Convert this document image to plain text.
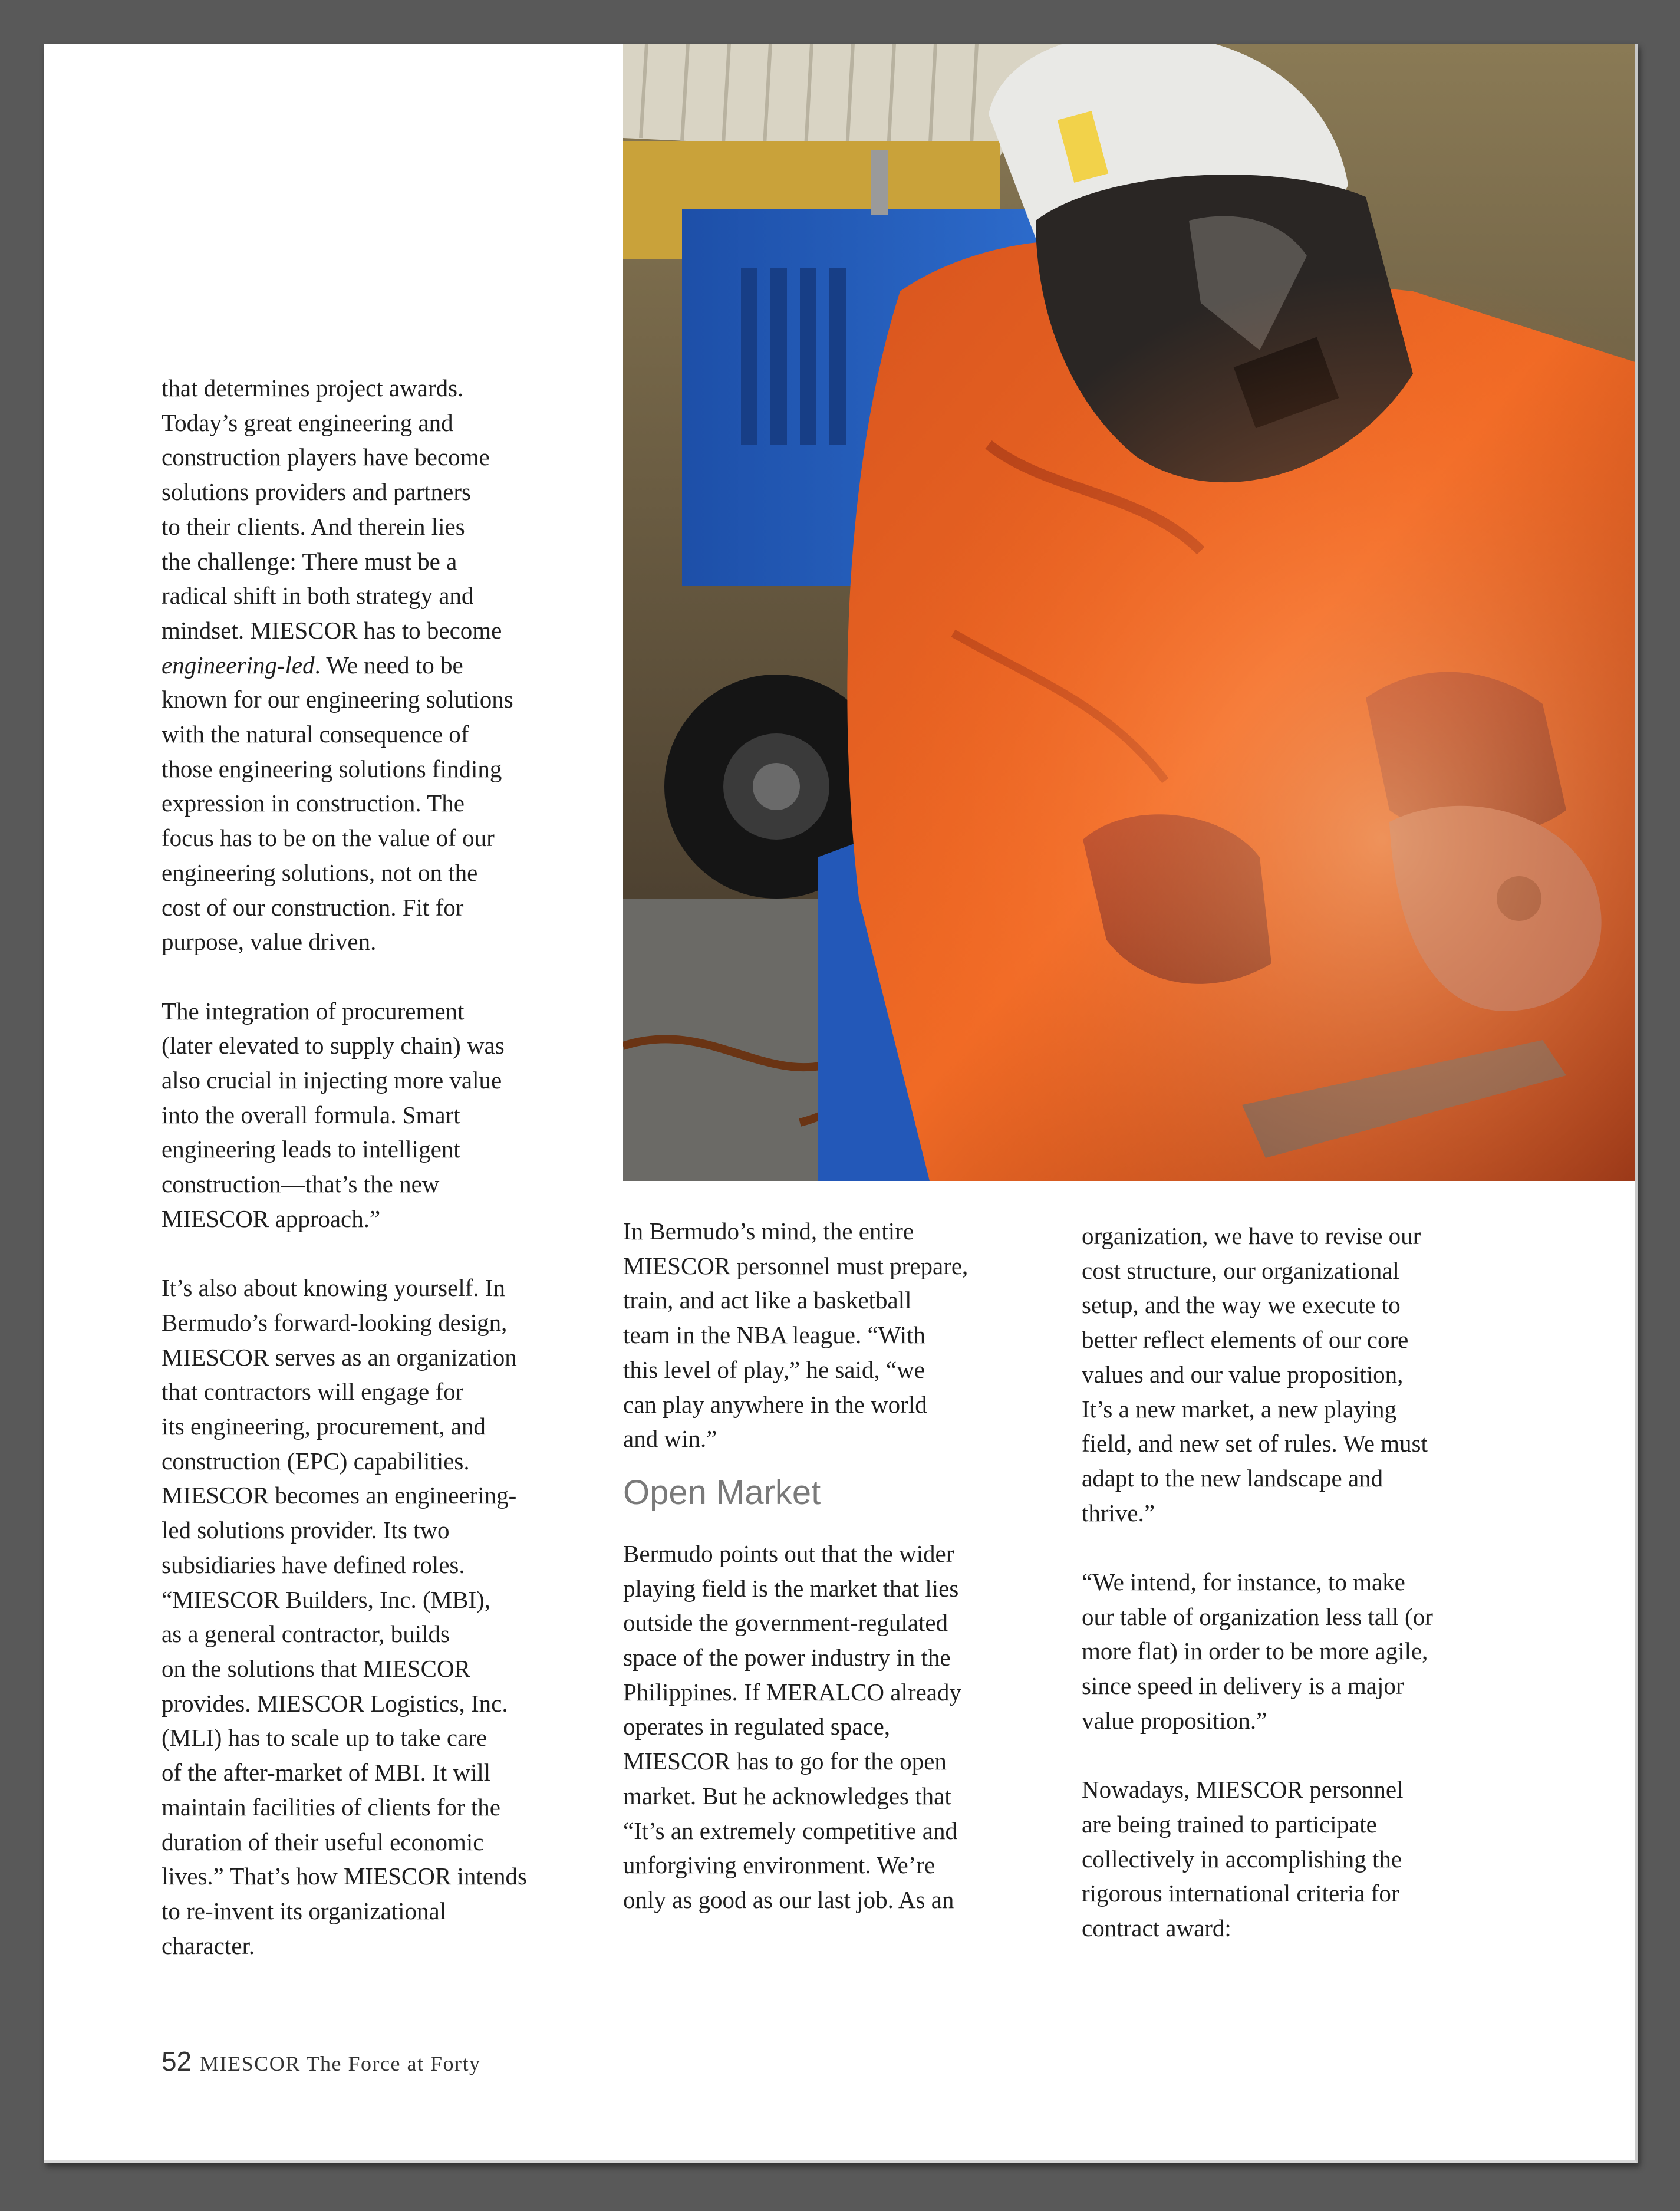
that determines project awards.
Today’s great engineering and
construction players have become
solutions providers and partners
to their clients. And therein lies
the challenge: There must be a
radical shift in both strategy and
mindset. MIESCOR has to become
engineering-led. We need to be
known for our engineering solutions
with the natural consequence of
those engineering solutions finding
expression in construction. The
focus has to be on the value of our
engineering solutions, not on the
cost of our construction. Fit for
purpose, value driven.
The integration of procurement
(later elevated to supply chain) was
also crucial in injecting more value
into the overall formula. Smart
engineering leads to intelligent
construction—that’s the new
MIESCOR approach.”
It’s also about knowing yourself. In
Bermudo’s forward-looking design,
MIESCOR serves as an organization
that contractors will engage for
its engineering, procurement, and
construction (EPC) capabilities.
MIESCOR becomes an engineering-
led solutions provider. Its two
subsidiaries have defined roles.
“MIESCOR Builders, Inc. (MBI),
as a general contractor, builds
on the solutions that MIESCOR
provides. MIESCOR Logistics, Inc.
(MLI) has to scale up to take care
of the after-market of MBI. It will
maintain facilities of clients for the
duration of their useful economic
lives.” That’s how MIESCOR intends
to re-invent its organizational
character.
In Bermudo’s mind, the entire
MIESCOR personnel must prepare,
train, and act like a basketball
team in the NBA league. “With
this level of play,” he said, “we
can play anywhere in the world
and win.”
Open Market
Bermudo points out that the wider
playing field is the market that lies
outside the government-regulated
space of the power industry in the
Philippines. If MERALCO already
operates in regulated space,
MIESCOR has to go for the open
market. But he acknowledges that
“It’s an extremely competitive and
unforgiving environment. We’re
only as good as our last job. As an
organization, we have to revise our
cost structure, our organizational
setup, and the way we execute to
better reflect elements of our core
values and our value proposition,
It’s a new market, a new playing
field, and new set of rules. We must
adapt to the new landscape and
thrive.”
“We intend, for instance, to make
our table of organization less tall (or
more flat) in order to be more agile,
since speed in delivery is a major
value proposition.”
Nowadays, MIESCOR personnel
are being trained to participate
collectively in accomplishing the
rigorous international criteria for
contract award:
52 MIESCOR The Force at Forty
